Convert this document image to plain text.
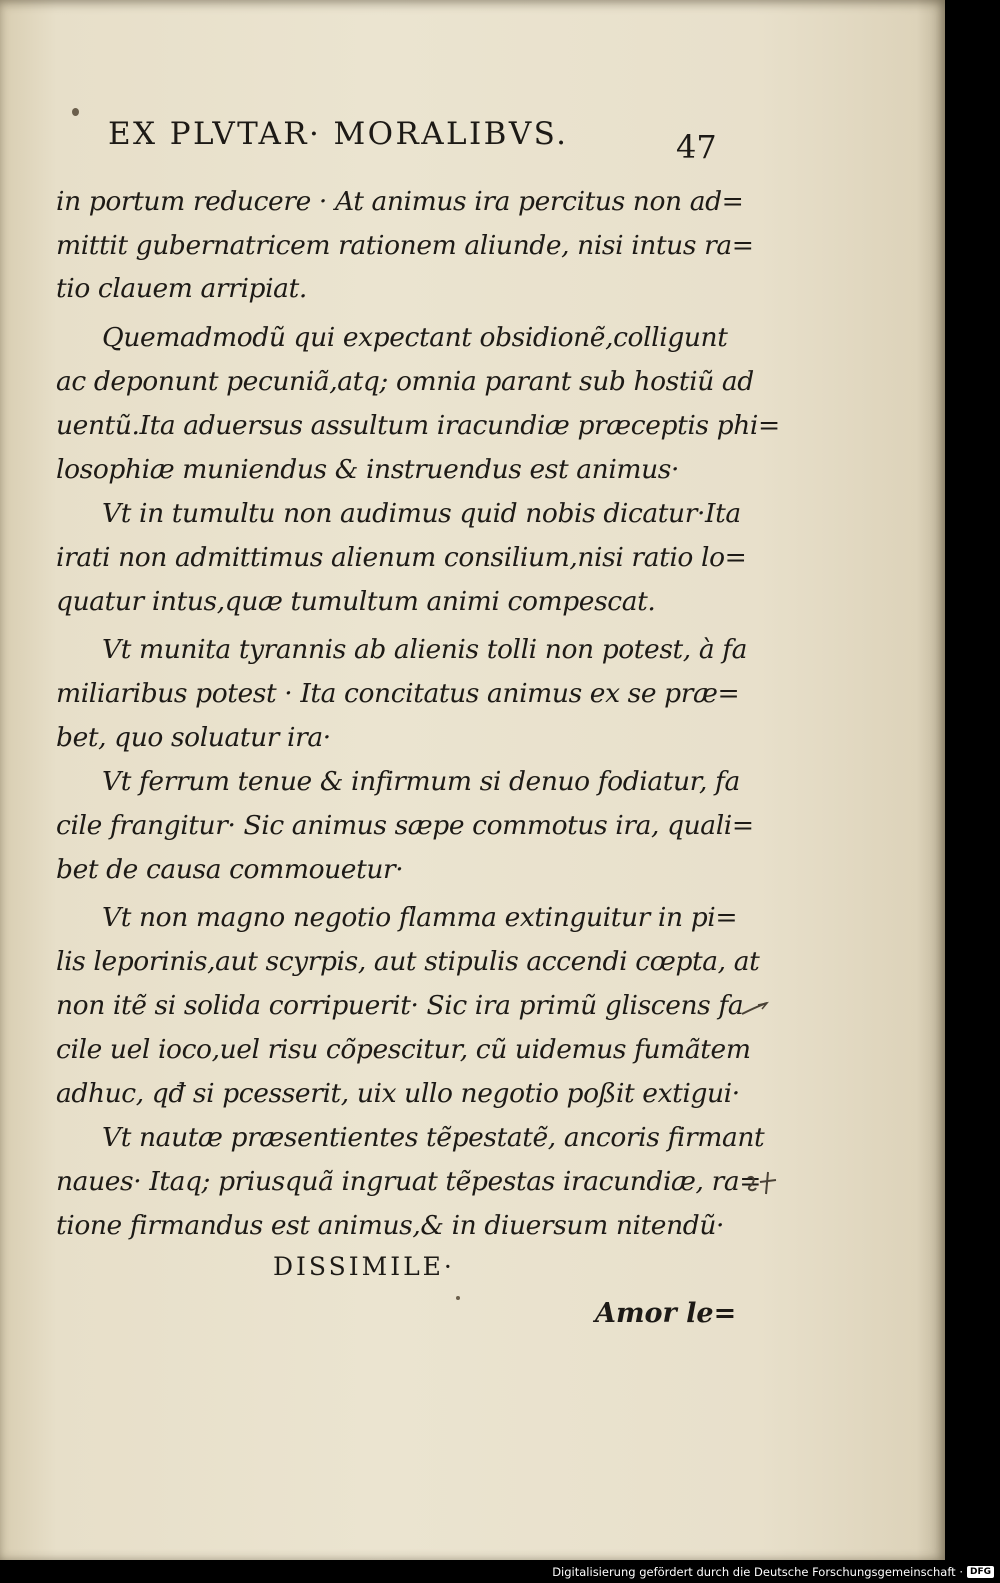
EX PLVTAR· MORALIBVS.	47

in portum reducere · At animus ira percitus non ad=

mittit gubernatricem rationem aliunde, nisi intus ra=

tio clauem arripiat.

Quemadmodũ qui expectant obsidionẽ,colligunt

ac deponunt pecuniã,atq; omnia parant sub hostiũ ad

uentũ.Ita aduersus assultum iracundiæ præceptis phi=

losophiæ muniendus & instruendus est animus·

Vt in tumultu non audimus quid nobis dicatur·Ita

irati non admittimus alienum consilium,nisi ratio lo=

quatur intus,quæ tumultum animi compescat.

Vt munita tyrannis ab alienis tolli non potest, à fa

miliaribus potest · Ita concitatus animus ex se præ=

bet, quo soluatur ira·

Vt ferrum tenue & infirmum si denuo fodiatur, fa

cile frangitur· Sic animus sæpe commotus ira, quali=

bet de causa commouetur·

Vt non magno negotio flamma extinguitur in pi=

lis leporinis,aut scyrpis, aut stipulis accendi cœpta, at

non itẽ si solida corripuerit· Sic ira primũ gliscens fa

cile uel ioco,uel risu cõpescitur, cũ uidemus fumãtem

adhuc, qđ si pcesserit, uix ullo negotio poßit extigui·

Vt nautæ præsentientes tẽpestatẽ, ancoris firmant

naues· Itaq; priusquã ingruat tẽpestas iracundiæ, ra=

tione firmandus est animus,& in diuersum nitendũ·

DISSIMILE·
Amor le=
Digitalisierung gefördert durch die Deutsche Forschungsgemeinschaft · DFG
